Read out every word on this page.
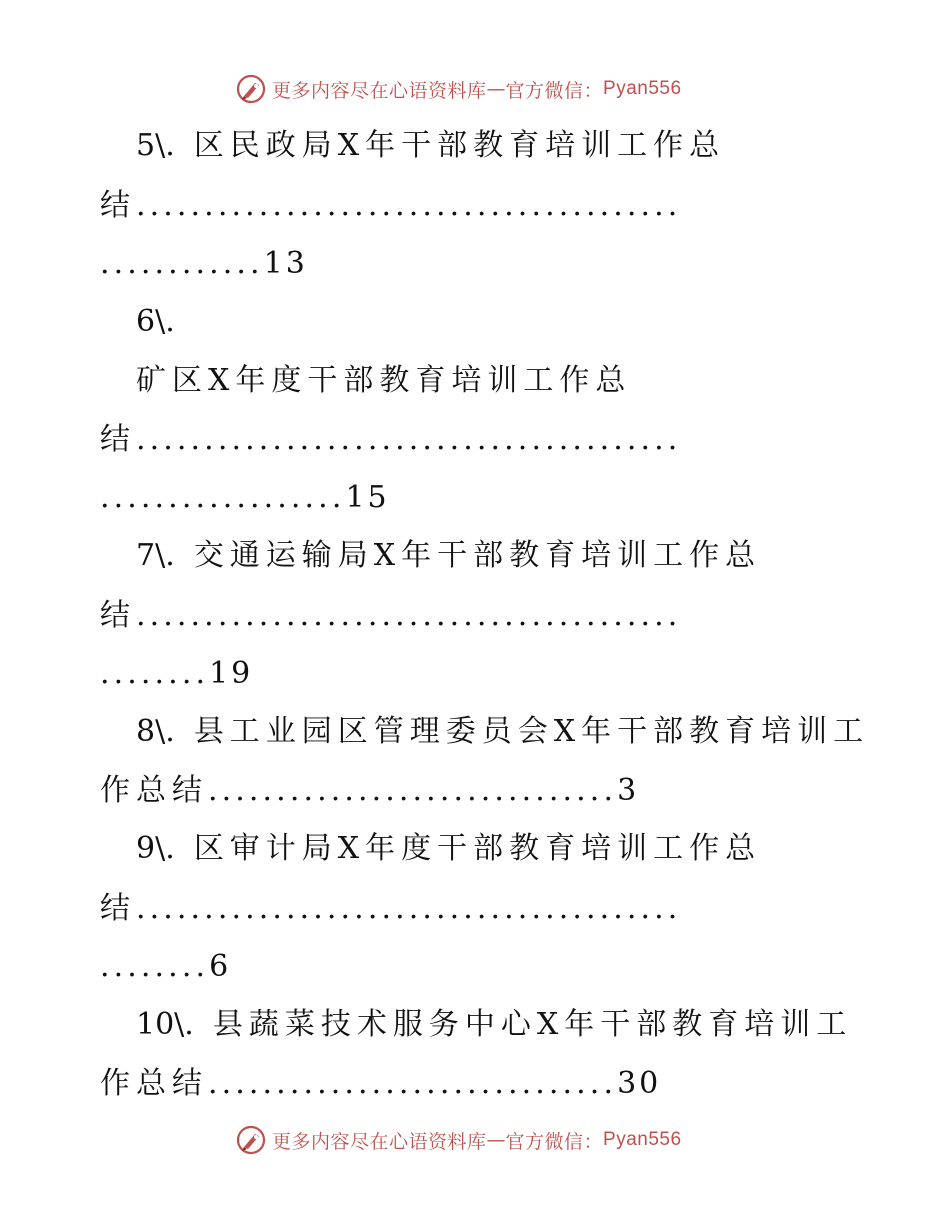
更多内容尽在心语资料库 — 官方微信： Pyan556
5\. 区民政局X年干部教育培训工作总
结........................................
............13
6\.
矿区X年度干部教育培训工作总
结........................................
..................15
7\. 交通运输局X年干部教育培训工作总
结........................................
........19
8\. 县工业园区管理委员会X年干部教育培训工
作总结..............................3
9\. 区审计局X年度干部教育培训工作总
结........................................
........6
10\. 县蔬菜技术服务中心X年干部教育培训工
作总结..............................30
更多内容尽在心语资料库 — 官方微信： Pyan556
